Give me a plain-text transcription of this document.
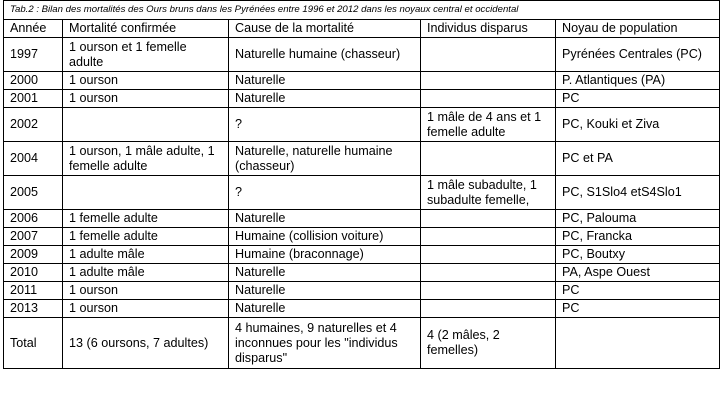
Tab.2 : Bilan des mortalités des Ours bruns dans les Pyrénées entre 1996 et 2012 dans les noyaux central et occidental				
Année	Mortalité confirmée	Cause de la mortalité	Individus disparus	Noyau de population
1997	1 ourson et 1 femelle adulte	Naturelle humaine (chasseur)		Pyrénées Centrales (PC)
2000	1 ourson	Naturelle		P. Atlantiques (PA)
2001	1 ourson	Naturelle		PC
2002		?	1 mâle de 4 ans et 1 femelle adulte	PC, Kouki et Ziva
2004	1 ourson, 1 mâle adulte, 1 femelle adulte	Naturelle, naturelle humaine (chasseur)		PC et PA
2005		?	1 mâle subadulte, 1 subadulte femelle,	PC, S1Slo4 etS4Slo1
2006	1 femelle adulte	Naturelle		PC, Palouma
2007	1 femelle adulte	Humaine (collision voiture)		PC, Francka
2009	1 adulte mâle	Humaine (braconnage)		PC, Boutxy
2010	1 adulte mâle	Naturelle		PA, Aspe Ouest
2011	1 ourson	Naturelle		PC
2013	1 ourson	Naturelle		PC
Total	13 (6 oursons, 7 adultes)	4 humaines, 9 naturelles et 4 inconnues pour les "individus disparus"	4 (2 mâles, 2 femelles)	
